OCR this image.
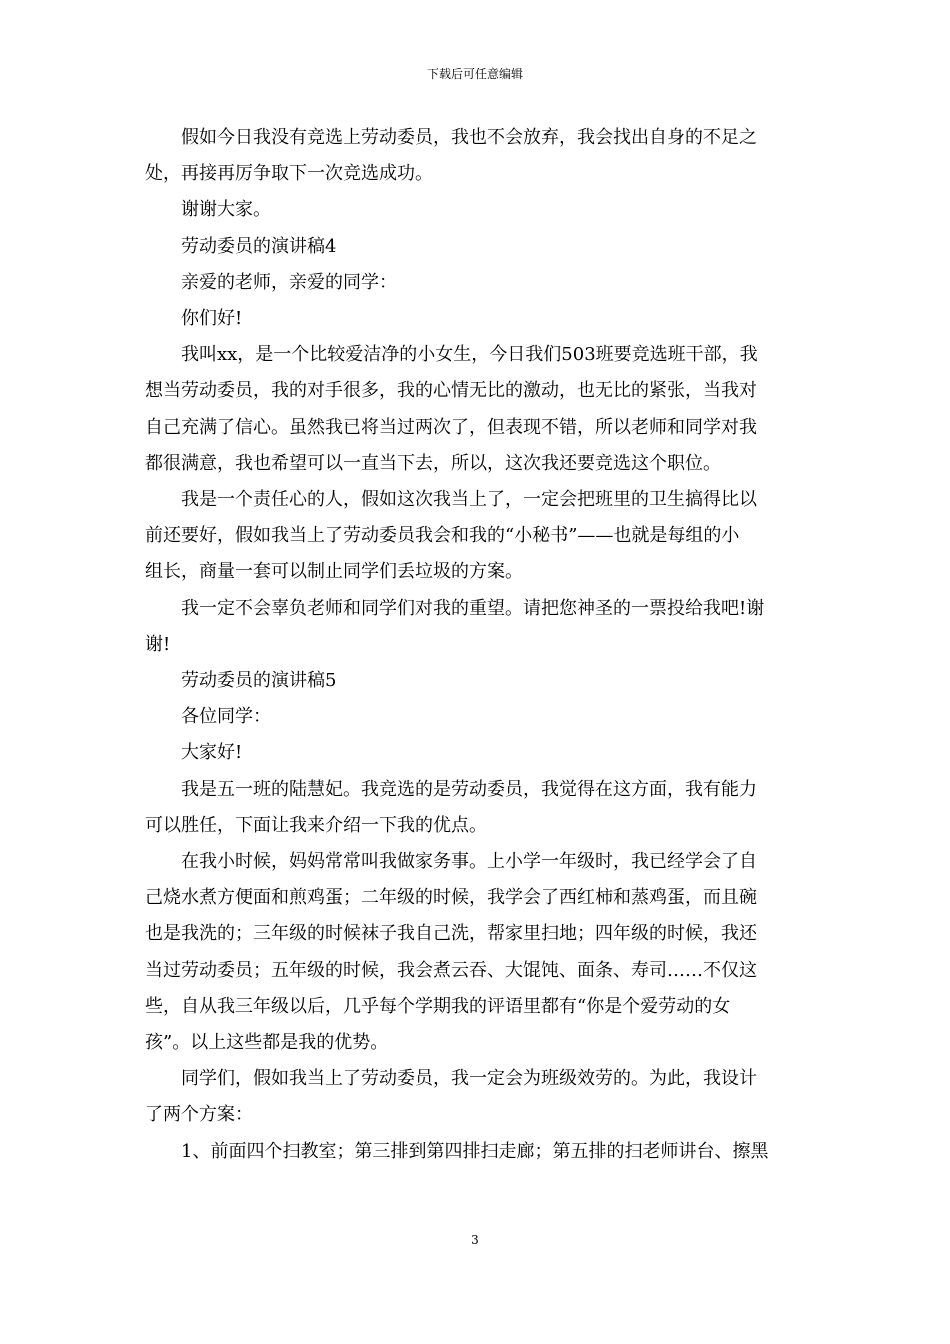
下载后可任意编辑
假如今日我没有竞选上劳动委员，我也不会放弃，我会找出自身的不足之
处，再接再厉争取下一次竞选成功。
谢谢大家。
劳动委员的演讲稿4
亲爱的老师，亲爱的同学：
你们好!
我叫xx，是一个比较爱洁净的小女生，今日我们503班要竞选班干部，我
想当劳动委员，我的对手很多，我的心情无比的激动，也无比的紧张，当我对
自己充满了信心。虽然我已将当过两次了，但表现不错，所以老师和同学对我
都很满意，我也希望可以一直当下去，所以，这次我还要竞选这个职位。
我是一个责任心的人，假如这次我当上了，一定会把班里的卫生搞得比以
前还要好，假如我当上了劳动委员我会和我的“小秘书”——也就是每组的小
组长，商量一套可以制止同学们丢垃圾的方案。
我一定不会辜负老师和同学们对我的重望。请把您神圣的一票投给我吧!谢
谢!
劳动委员的演讲稿5
各位同学：
大家好!
我是五一班的陆慧妃。我竞选的是劳动委员，我觉得在这方面，我有能力
可以胜任，下面让我来介绍一下我的优点。
在我小时候，妈妈常常叫我做家务事。上小学一年级时，我已经学会了自
己烧水煮方便面和煎鸡蛋；二年级的时候，我学会了西红柿和蒸鸡蛋，而且碗
也是我洗的；三年级的时候袜子我自己洗，帮家里扫地；四年级的时候，我还
当过劳动委员；五年级的时候，我会煮云吞、大馄饨、面条、寿司……不仅这
些，自从我三年级以后，几乎每个学期我的评语里都有“你是个爱劳动的女
孩”。以上这些都是我的优势。
同学们，假如我当上了劳动委员，我一定会为班级效劳的。为此，我设计
了两个方案：
1、前面四个扫教室；第三排到第四排扫走廊；第五排的扫老师讲台、擦黑
3
